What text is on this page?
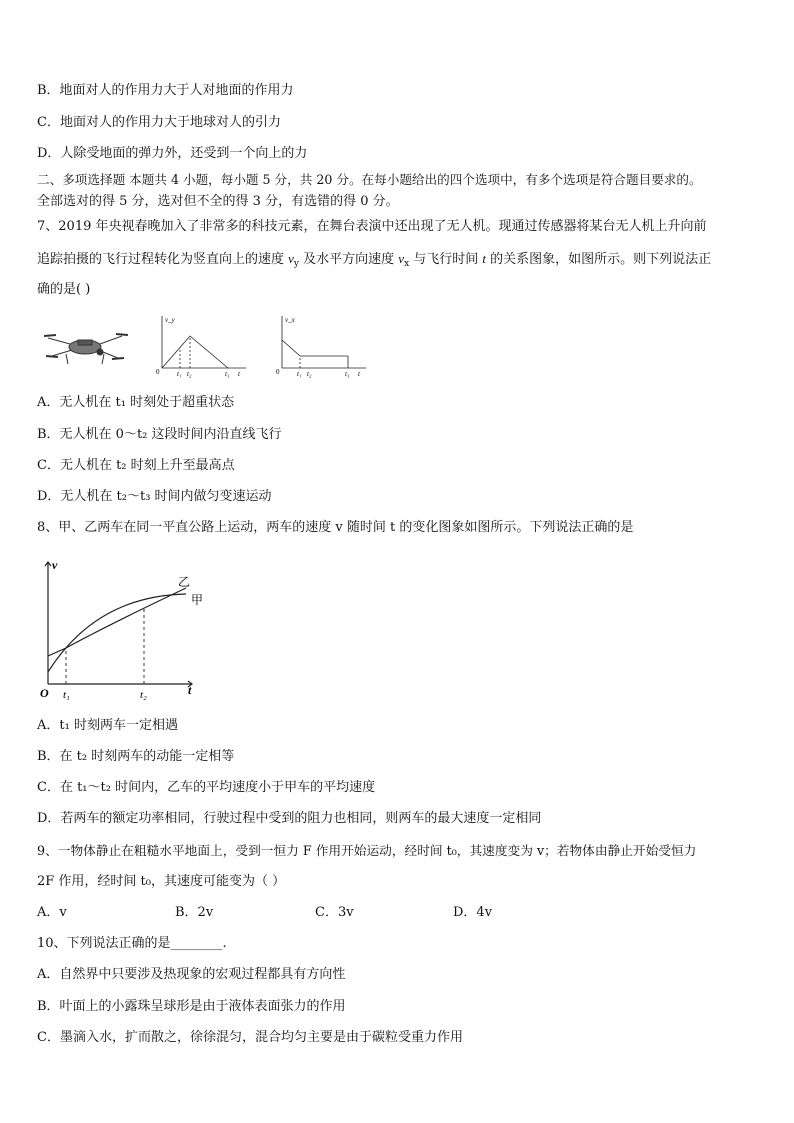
B．地面对人的作用力大于人对地面的作用力
C．地面对人的作用力大于地球对人的引力
D．人除受地面的弹力外，还受到一个向上的力
二、多项选择题 本题共 4 小题，每小题 5 分，共 20 分。在每小题给出的四个选项中，有多个选项是符合题目要求的。
全部选对的得 5 分，选对但不全的得 3 分，有选错的得 0 分。
7、2019 年央视春晚加入了非常多的科技元素，在舞台表演中还出现了无人机。现通过传感器将某台无人机上升向前
追踪拍摄的飞行过程转化为竖直向上的速度 $v_y$ 及水平方向速度 $v_x$ 与飞行时间 t 的关系图象，如图所示。则下列说法正
确的是( )
v_y
0	t₁ t₂	t₃ t
v_x
0	t₁ t₂	t₃ t
A．无人机在 t₁ 时刻处于超重状态
B．无人机在 0～t₂ 这段时间内沿直线飞行
C．无人机在 t₂ 时刻上升至最高点
D．无人机在 t₂～t₃ 时间内做匀变速运动
8、甲、乙两车在同一平直公路上运动，两车的速度 v 随时间 t 的变化图象如图所示。下列说法正确的是
v
t
O t₁	t₂
乙
甲
A．t₁ 时刻两车一定相遇
B．在 t₂ 时刻两车的动能一定相等
C．在 t₁～t₂ 时间内，乙车的平均速度小于甲车的平均速度
D．若两车的额定功率相同，行驶过程中受到的阻力也相同，则两车的最大速度一定相同
9、一物体静止在粗糙水平地面上，受到一恒力 F 作用开始运动，经时间 t₀，其速度变为 v；若物体由静止开始受恒力
2F 作用，经时间 t₀，其速度可能变为（ ）
A．v	B．2v	C．3v	D．4v
10、下列说法正确的是________.
A．自然界中只要涉及热现象的宏观过程都具有方向性
B．叶面上的小露珠呈球形是由于液体表面张力的作用
C．墨滴入水，扩而散之，徐徐混匀，混合均匀主要是由于碳粒受重力作用
